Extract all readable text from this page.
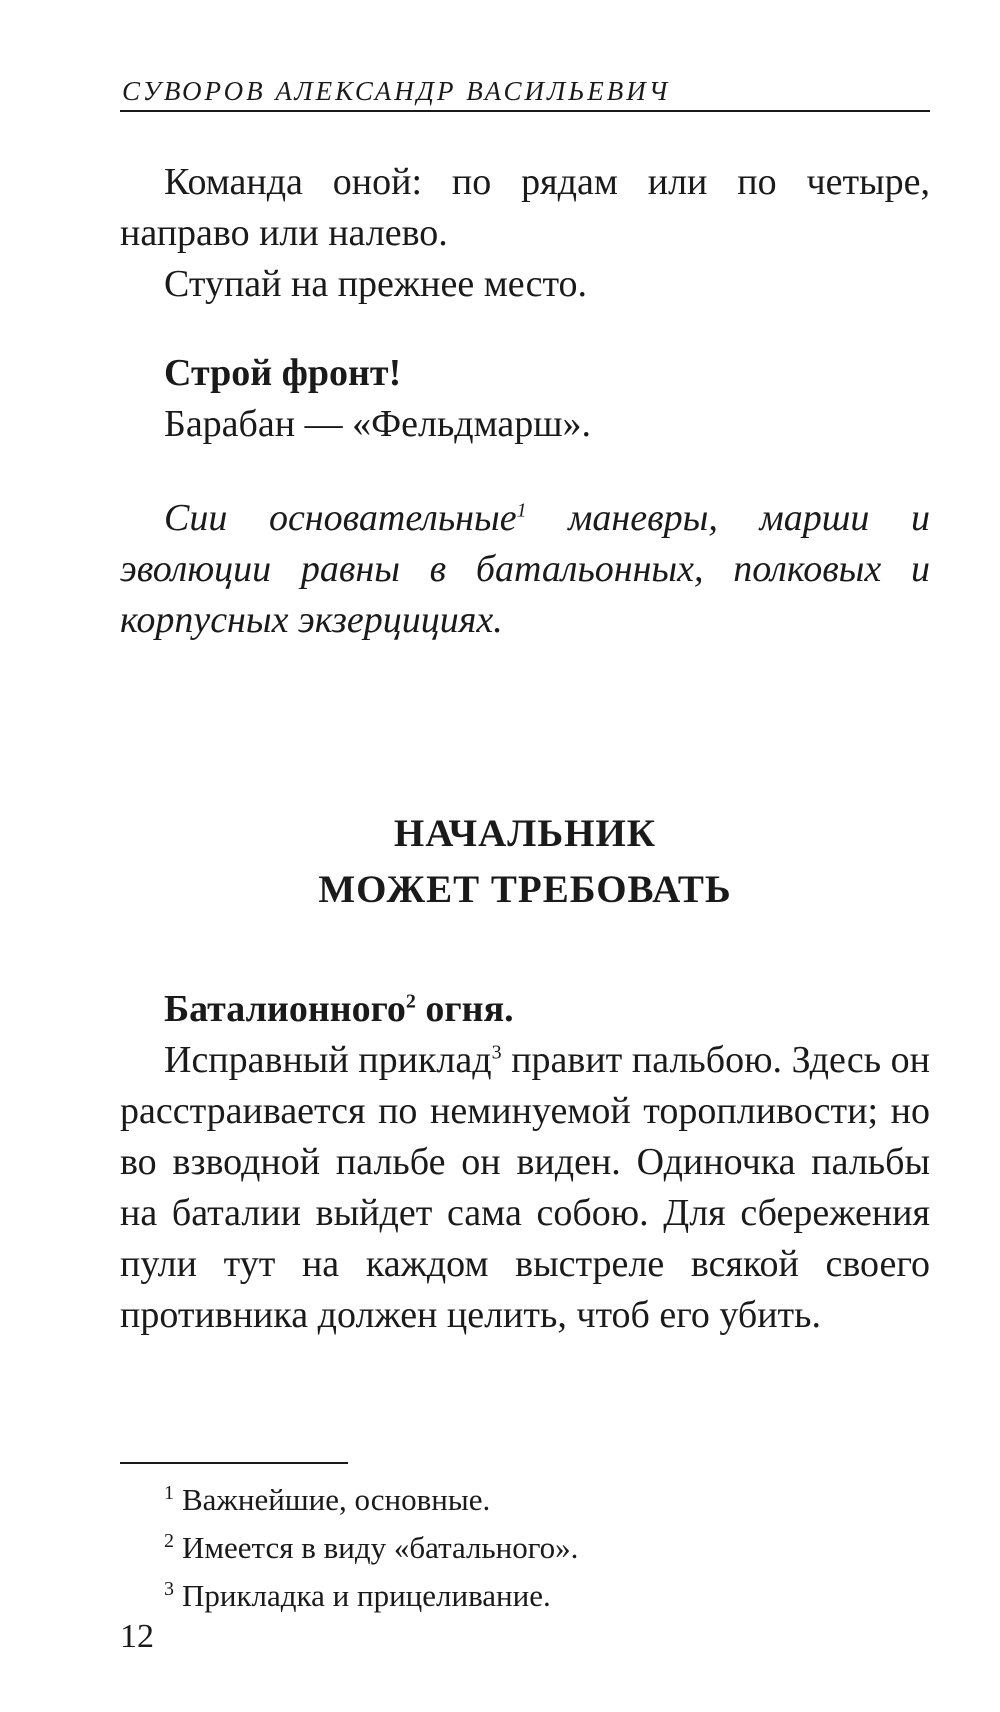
СУВОРОВ АЛЕКСАНДР ВАСИЛЬЕВИЧ

Команда оной: по рядам или по четыре, направо или налево.

Ступай на прежнее место.

Строй фронт!

Барабан — «Фельдмарш».

Сии основательные$^1$ маневры, марши и эволюции равны в батальонных, полковых и корпусных экзерцициях.

НАЧАЛЬНИК
МОЖЕТ ТРЕБОВАТЬ

Баталионного$^2$ огня.

Исправный приклад$^3$ правит пальбою. Здесь он расстраивается по неминуемой торопливости; но во взводной пальбе он виден. Одиночка пальбы на баталии выйдет сама собою. Для сбережения пули тут на каждом выстреле всякой своего противника должен целить, чтоб его убить.

$^1$ Важнейшие, основные.

$^2$ Имеется в виду «батального».

$^3$ Прикладка и прицеливание.

12
